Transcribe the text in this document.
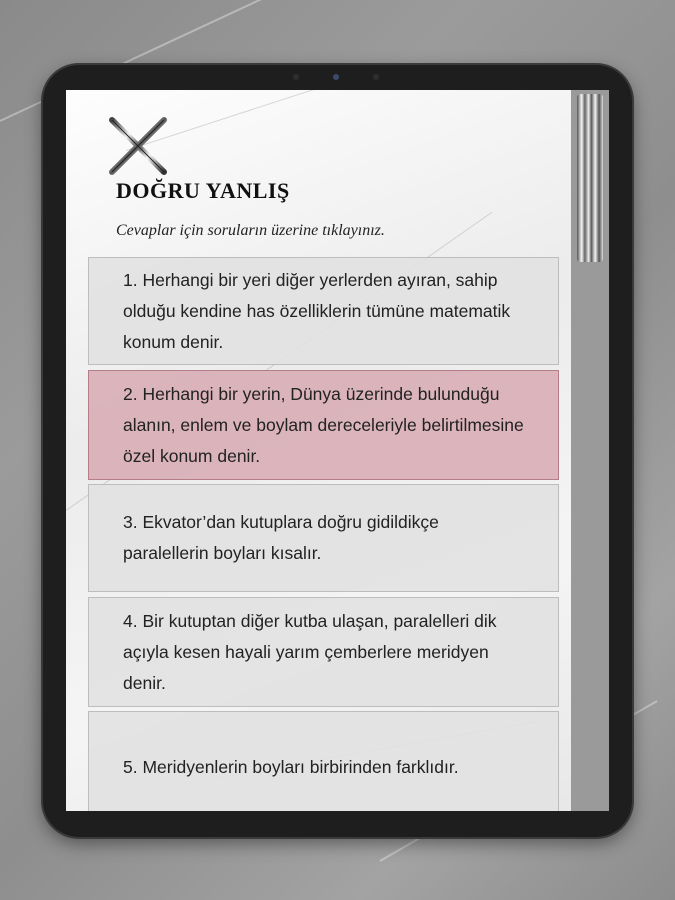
DOĞRU YANLIŞ
Cevaplar için soruların üzerine tıklayınız.
1. Herhangi bir yeri diğer yerlerden ayıran, sahip olduğu kendine has özelliklerin tümüne matematik konum denir.
2. Herhangi bir yerin, Dünya üzerinde bulunduğu alanın, enlem ve boylam dereceleriyle belirtilmesine özel konum denir.
3. Ekvator’dan kutuplara doğru gidildikçe paralellerin boyları kısalır.
4. Bir kutuptan diğer kutba ulaşan, paralelleri dik açıyla kesen hayali yarım çemberlere meridyen denir.
5. Meridyenlerin boyları birbirinden farklıdır.
